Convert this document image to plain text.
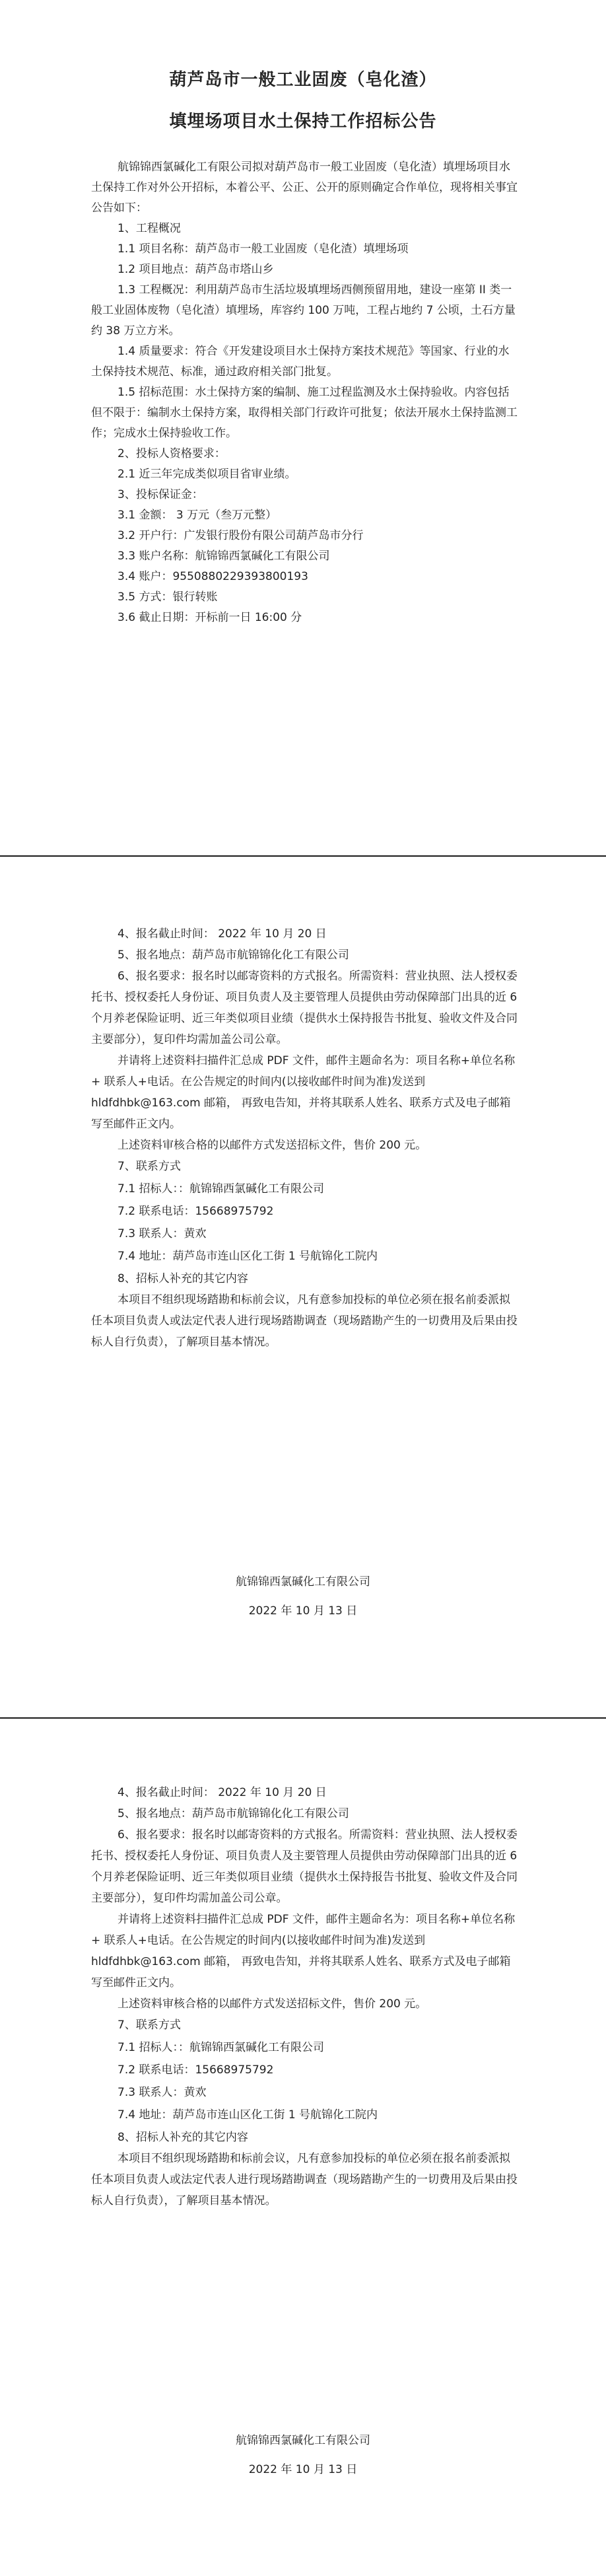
葫芦岛市一般工业固废（皂化渣）
填埋场项目水土保持工作招标公告

航锦锦西氯碱化工有限公司拟对葫芦岛市一般工业固废（皂化渣）填埋场项目水土保持工作对外公开招标，本着公平、公正、公开的原则确定合作单位，现将相关事宜公告如下：

1、工程概况

1.1 项目名称：葫芦岛市一般工业固废（皂化渣）填埋场项

1.2 项目地点：葫芦岛市塔山乡

1.3 工程概况：利用葫芦岛市生活垃圾填埋场西侧预留用地，建设一座第 II 类一般工业固体废物（皂化渣）填埋场，库容约 100 万吨，工程占地约 7 公顷，土石方量约 38 万立方米。

1.4 质量要求：符合《开发建设项目水土保持方案技术规范》等国家、行业的水土保持技术规范、标准，通过政府相关部门批复。

1.5 招标范围：水土保持方案的编制、施工过程监测及水土保持验收。内容包括但不限于：编制水土保持方案，取得相关部门行政许可批复；依法开展水土保持监测工作；完成水土保持验收工作。

2、投标人资格要求：

2.1 近三年完成类似项目省审业绩。

3、投标保证金：

3.1 金额： 3 万元（叁万元整）

3.2 开户行：广发银行股份有限公司葫芦岛市分行

3.3 账户名称：航锦锦西氯碱化工有限公司

3.4 账户：9550880229393800193

3.5 方式：银行转账

3.6 截止日期：开标前一日 16:00 分

4、报名截止时间： 2022 年 10 月 20 日

5、报名地点：葫芦岛市航锦锦化化工有限公司

6、报名要求：报名时以邮寄资料的方式报名。所需资料：营业执照、法人授权委托书、授权委托人身份证、项目负责人及主要管理人员提供由劳动保障部门出具的近 6 个月养老保险证明、近三年类似项目业绩（提供水土保持报告书批复、验收文件及合同主要部分），复印件均需加盖公司公章。

并请将上述资料扫描件汇总成 PDF 文件，邮件主题命名为：项目名称+单位名称+ 联系人+电话。在公告规定的时间内(以接收邮件时间为准)发送到 hldfdhbk@163.com 邮箱， 再致电告知，并将其联系人姓名、联系方式及电子邮箱写至邮件正文内。

上述资料审核合格的以邮件方式发送招标文件，售价 200 元。

7、联系方式

7.1 招标人：：航锦锦西氯碱化工有限公司

7.2 联系电话：15668975792

7.3 联系人：黄欢

7.4 地址：葫芦岛市连山区化工街 1 号航锦化工院内

8、招标人补充的其它内容

本项目不组织现场踏勘和标前会议，凡有意参加投标的单位必须在报名前委派拟任本项目负责人或法定代表人进行现场踏勘调查（现场踏勘产生的一切费用及后果由投标人自行负责），了解项目基本情况。

航锦锦西氯碱化工有限公司
2022 年 10 月 13 日

4、报名截止时间： 2022 年 10 月 20 日

5、报名地点：葫芦岛市航锦锦化化工有限公司

6、报名要求：报名时以邮寄资料的方式报名。所需资料：营业执照、法人授权委托书、授权委托人身份证、项目负责人及主要管理人员提供由劳动保障部门出具的近 6 个月养老保险证明、近三年类似项目业绩（提供水土保持报告书批复、验收文件及合同主要部分），复印件均需加盖公司公章。

并请将上述资料扫描件汇总成 PDF 文件，邮件主题命名为：项目名称+单位名称+ 联系人+电话。在公告规定的时间内(以接收邮件时间为准)发送到 hldfdhbk@163.com 邮箱， 再致电告知，并将其联系人姓名、联系方式及电子邮箱写至邮件正文内。

上述资料审核合格的以邮件方式发送招标文件，售价 200 元。

7、联系方式

7.1 招标人：：航锦锦西氯碱化工有限公司

7.2 联系电话：15668975792

7.3 联系人：黄欢

7.4 地址：葫芦岛市连山区化工街 1 号航锦化工院内

8、招标人补充的其它内容

本项目不组织现场踏勘和标前会议，凡有意参加投标的单位必须在报名前委派拟任本项目负责人或法定代表人进行现场踏勘调查（现场踏勘产生的一切费用及后果由投标人自行负责），了解项目基本情况。

航锦锦西氯碱化工有限公司
2022 年 10 月 13 日
